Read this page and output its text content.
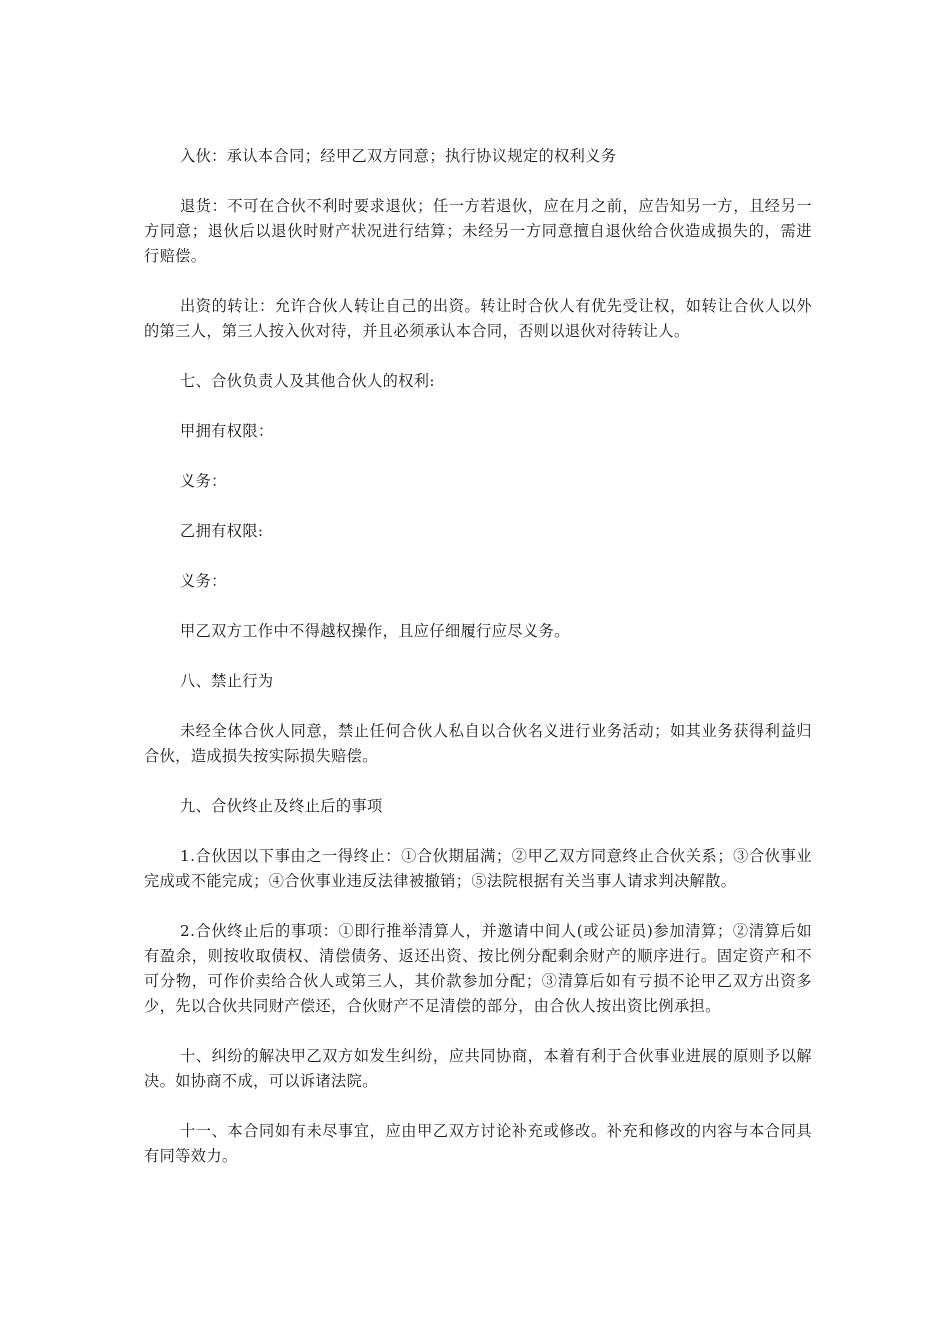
入伙：承认本合同；经甲乙双方同意；执行协议规定的权利义务

退货：不可在合伙不利时要求退伙；任一方若退伙，应在月之前，应告知另一方，且经另一方同意；退伙后以退伙时财产状况进行结算；未经另一方同意擅自退伙给合伙造成损失的，需进行赔偿。

出资的转让：允许合伙人转让自己的出资。转让时合伙人有优先受让权，如转让合伙人以外的第三人，第三人按入伙对待，并且必须承认本合同，否则以退伙对待转让人。

七、合伙负责人及其他合伙人的权利:

甲拥有权限：

义务：

乙拥有权限:

义务：

甲乙双方工作中不得越权操作，且应仔细履行应尽义务。

八、禁止行为

未经全体合伙人同意，禁止任何合伙人私自以合伙名义进行业务活动；如其业务获得利益归合伙，造成损失按实际损失赔偿。

九、合伙终止及终止后的事项

1.合伙因以下事由之一得终止：①合伙期届满；②甲乙双方同意终止合伙关系；③合伙事业完成或不能完成；④合伙事业违反法律被撤销；⑤法院根据有关当事人请求判决解散。

2.合伙终止后的事项：①即行推举清算人，并邀请中间人(或公证员)参加清算；②清算后如有盈余，则按收取债权、清偿债务、返还出资、按比例分配剩余财产的顺序进行。固定资产和不可分物，可作价卖给合伙人或第三人，其价款参加分配；③清算后如有亏损不论甲乙双方出资多少，先以合伙共同财产偿还，合伙财产不足清偿的部分，由合伙人按出资比例承担。

十、纠纷的解决甲乙双方如发生纠纷，应共同协商，本着有利于合伙事业进展的原则予以解决。如协商不成，可以诉诸法院。

十一、本合同如有未尽事宜，应由甲乙双方讨论补充或修改。补充和修改的内容与本合同具有同等效力。
